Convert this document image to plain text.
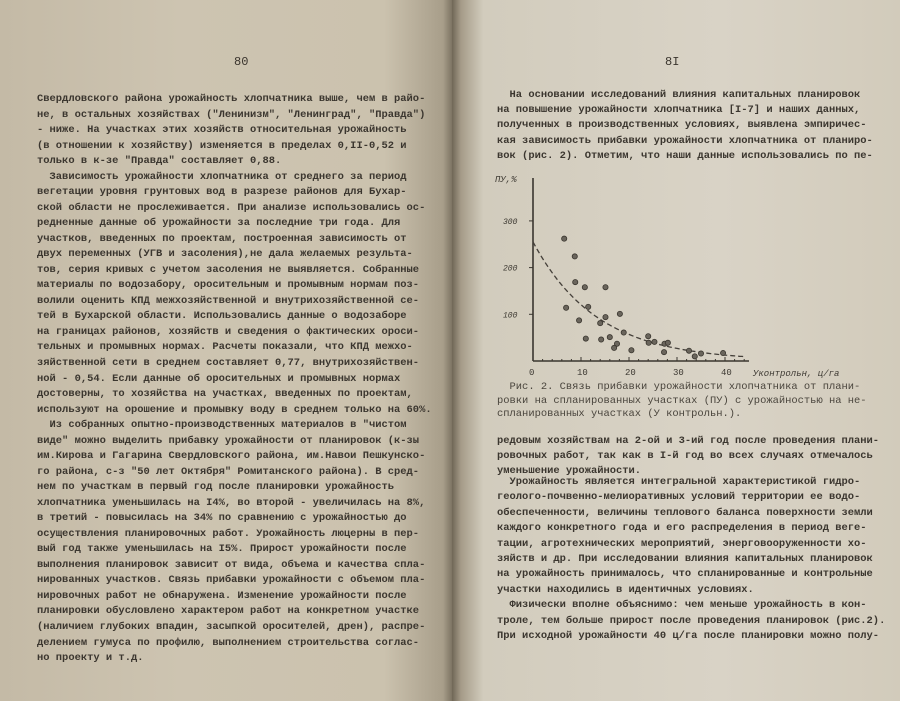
80	8I
ПУ,%
Уконтрольн, ц/га
0	10	20	30	40
100
200
300
Свердловского района урожайность хлопчатника выше, чем в райо-
не, в остальных хозяйствах ("Ленинизм", "Ленинград", "Правда")
- ниже. На участках этих хозяйств относительная урожайность
(в отношении к хозяйству) изменяется в пределах 0,II-0,52 и
только в к-зе "Правда" составляет 0,88.
Зависимость урожайности хлопчатника от среднего за период
вегетации уровня грунтовых вод в разрезе районов для Бухар-
ской области не прослеживается. При анализе использовались ос-
редненные данные об урожайности за последние три года. Для
участков, введенных по проектам, построенная зависимость от
двух переменных (УГВ и засоления),не дала желаемых результа-
тов, серия кривых с учетом засоления не выявляется. Собранные
материалы по водозабору, оросительным и промывным нормам поз-
волили оценить КПД межхозяйственной и внутрихозяйственной се-
тей в Бухарской области. Использовались данные о водозаборе
на границах районов, хозяйств и сведения о фактических ороси-
тельных и промывных нормах. Расчеты показали, что КПД межхо-
зяйственной сети в среднем составляет 0,77, внутрихозяйствен-
ной - 0,54. Если данные об оросительных и промывных нормах
достоверны, то хозяйства на участках, введенных по проектам,
используют на орошение и промывку воду в среднем только на 60%.
Из собранных опытно-производственных материалов в "чистом
виде" можно выделить прибавку урожайности от планировок (к-зы
им.Кирова и Гагарина Свердловского района, им.Навои Пешкунско-
го района, с-з "50 лет Октября" Ромитанского района). В сред-
нем по участкам в первый год после планировки урожайность
хлопчатника уменьшилась на I4%, во второй - увеличилась на 8%,
в третий - повысилась на 34% по сравнению с урожайностью до
осуществления планировочных работ. Урожайность люцерны в пер-
вый год также уменьшилась на I5%. Прирост урожайности после
выполнения планировок зависит от вида, объема и качества спла-
нированных участков. Связь прибавки урожайности с объемом пла-
нировочных работ не обнаружена. Изменение урожайности после
планировки обусловлено характером работ на конкретном участке
(наличием глубоких впадин, засыпкой оросителей, дрен), распре-
делением гумуса по профилю, выполнением строительства соглас-
но проекту и т.д.
На основании исследований влияния капитальных планировок
на повышение урожайности хлопчатника [I-7] и наших данных,
полученных в производственных условиях, выявлена эмпиричес-
кая зависимость прибавки урожайности хлопчатника от планиро-
вок (рис. 2). Отметим, что наши данные использовались по пе-
Рис. 2. Связь прибавки урожайности хлопчатника от плани-
ровки на спланированных участках (ПУ) с урожайностью на не-
спланированных участках (У контрольн.).
редовым хозяйствам на 2-ой и 3-ий год после проведения плани-
ровочных работ, так как в I-й год во всех случаях отмечалось
уменьшение урожайности.
Урожайность является интегральной характеристикой гидро-
геолого-почвенно-мелиоративных условий территории ее водо-
обеспеченности, величины теплового баланса поверхности земли
каждого конкретного года и его распределения в период веге-
тации, агротехнических мероприятий, энерговооруженности хо-
зяйств и др. При исследовании влияния капитальных планировок
на урожайность принималось, что спланированные и контрольные
участки находились в идентичных условиях.
Физически вполне объяснимо: чем меньше урожайность в кон-
троле, тем больше прирост после проведения планировок (рис.2).
При исходной урожайности 40 ц/га после планировки можно полу-
